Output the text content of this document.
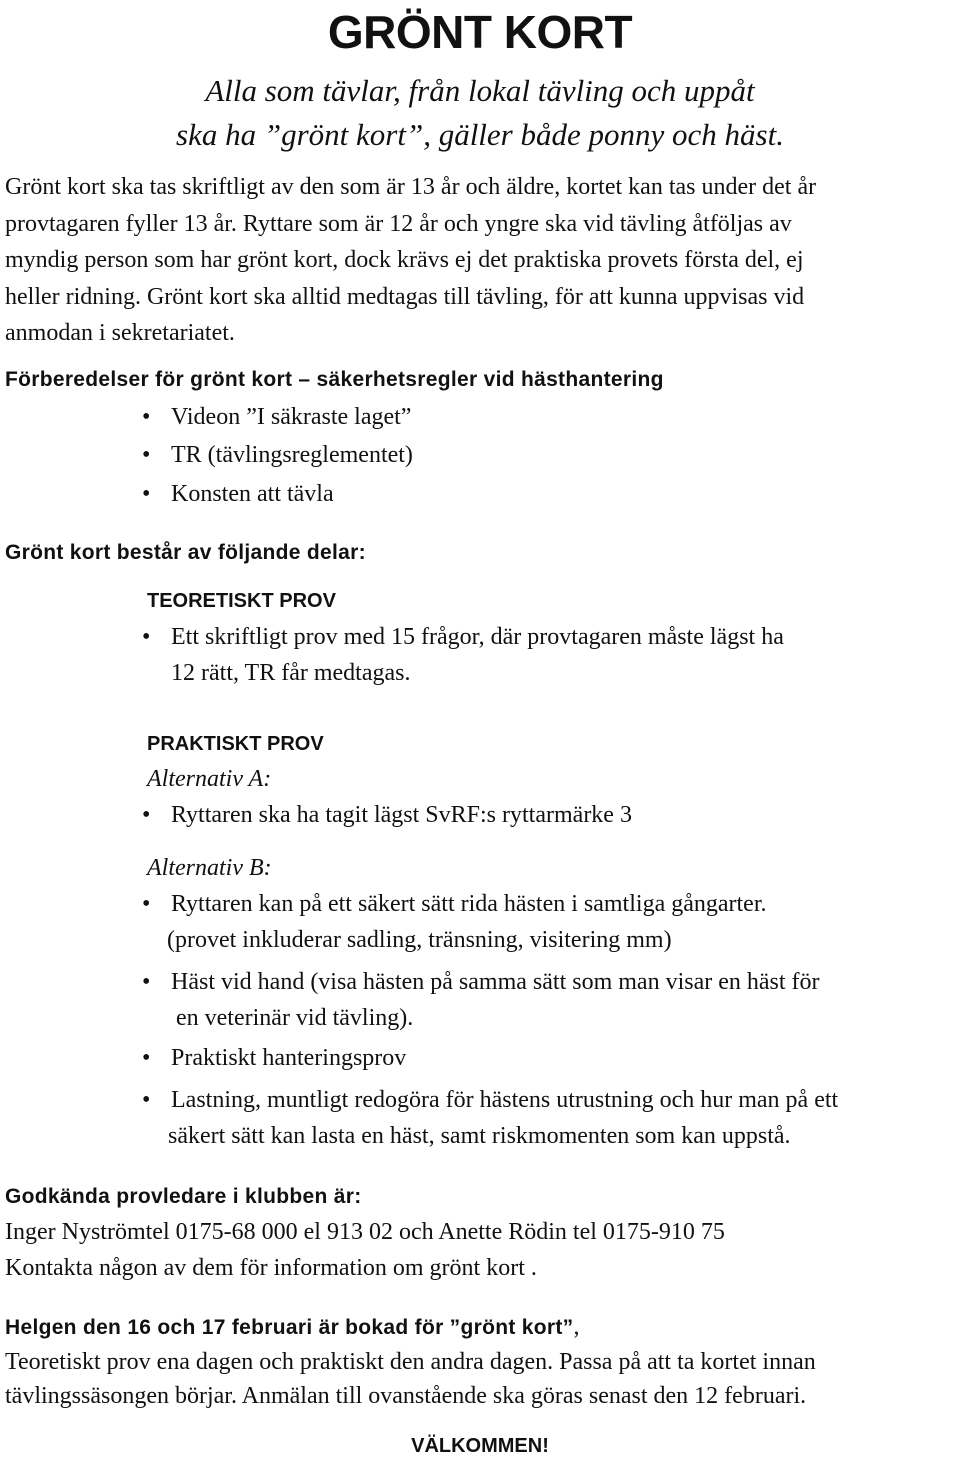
GRÖNT KORT
Alla som tävlar, från lokal tävling och uppåt
ska ha ”grönt kort”, gäller både ponny och häst.
Grönt kort ska tas skriftligt av den som är 13 år och äldre, kortet kan tas under det år
provtagaren fyller 13 år. Ryttare som är 12 år och yngre ska vid tävling åtföljas av
myndig person som har grönt kort, dock krävs ej det praktiska provets första del, ej
heller ridning. Grönt kort ska alltid medtagas till tävling, för att kunna uppvisas vid
anmodan i sekretariatet.
Förberedelser för grönt kort – säkerhetsregler vid hästhantering
• Videon ”I säkraste laget”
• TR (tävlingsreglementet)
• Konsten att tävla
Grönt kort består av följande delar:
TEORETISKT PROV
• Ett skriftligt prov med 15 frågor, där provtagaren måste lägst ha
12 rätt, TR får medtagas.
PRAKTISKT PROV
Alternativ A:
• Ryttaren ska ha tagit lägst SvRF:s ryttarmärke 3
Alternativ B:
• Ryttaren kan på ett säkert sätt rida hästen i samtliga gångarter.
(provet inkluderar sadling, tränsning, visitering mm)
• Häst vid hand (visa hästen på samma sätt som man visar en häst för
en veterinär vid tävling).
• Praktiskt hanteringsprov
• Lastning, muntligt redogöra för hästens utrustning och hur man på ett
säkert sätt kan lasta en häst, samt riskmomenten som kan uppstå.
Godkända provledare i klubben är:
Inger Nyströmtel 0175-68 000 el 913 02 och Anette Rödin tel 0175-910 75
Kontakta någon av dem för information om grönt kort .
Helgen den 16 och 17 februari är bokad för ”grönt kort”,
Teoretiskt prov ena dagen och praktiskt den andra dagen. Passa på att ta kortet innan
tävlingssäsongen börjar. Anmälan till ovanstående ska göras senast den 12 februari.
VÄLKOMMEN!
